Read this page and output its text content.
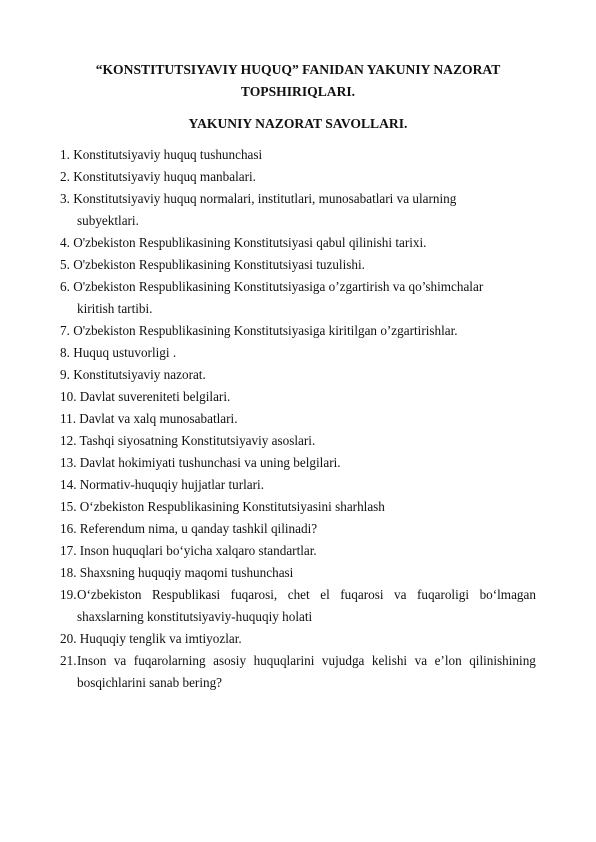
“KONSTITUTSIYAVIY HUQUQ” FANIDAN YAKUNIY NAZORAT

TOPSHIRIQLARI.

YAKUNIY NAZORAT SAVOLLARI.

1. Konstitutsiyaviy huquq tushunchasi
2. Konstitutsiyaviy huquq manbalari.
3. Konstitutsiyaviy huquq normalari, institutlari, munosabatlari va ularning
subyektlari.
4. O'zbekiston Respublikasining Konstitutsiyasi qabul qilinishi tarixi.
5. O'zbekiston Respublikasining Konstitutsiyasi tuzulishi.
6. O'zbekiston Respublikasining Konstitutsiyasiga o’zgartirish va qo’shimchalar
kiritish tartibi.
7. O'zbekiston Respublikasining Konstitutsiyasiga kiritilgan o’zgartirishlar.
8. Huquq ustuvorligi .
9. Konstitutsiyaviy nazorat.
10. Davlat suvereniteti belgilari.
11. Davlat va xalq munosabatlari.
12. Tashqi siyosatning Konstitutsiyaviy asoslari.
13. Davlat hokimiyati tushunchasi va uning belgilari.
14. Normativ-huquqiy hujjatlar turlari.
15. O‘zbekiston Respublikasining Konstitutsiyasini sharhlash
16. Referendum nima, u qanday tashkil qilinadi?
17. Inson huquqlari bo‘yicha xalqaro standartlar.
18. Shaxsning huquqiy maqomi tushunchasi
19. O‘zbekiston Respublikasi fuqarosi, chet el fuqarosi va fuqaroligi bo‘lmagan
shaxslarning konstitutsiyaviy-huquqiy holati
20. Huquqiy tenglik va imtiyozlar.
21. Inson va fuqarolarning asosiy huquqlarini vujudga kelishi va e’lon qilinishining
bosqichlarini sanab bering?
